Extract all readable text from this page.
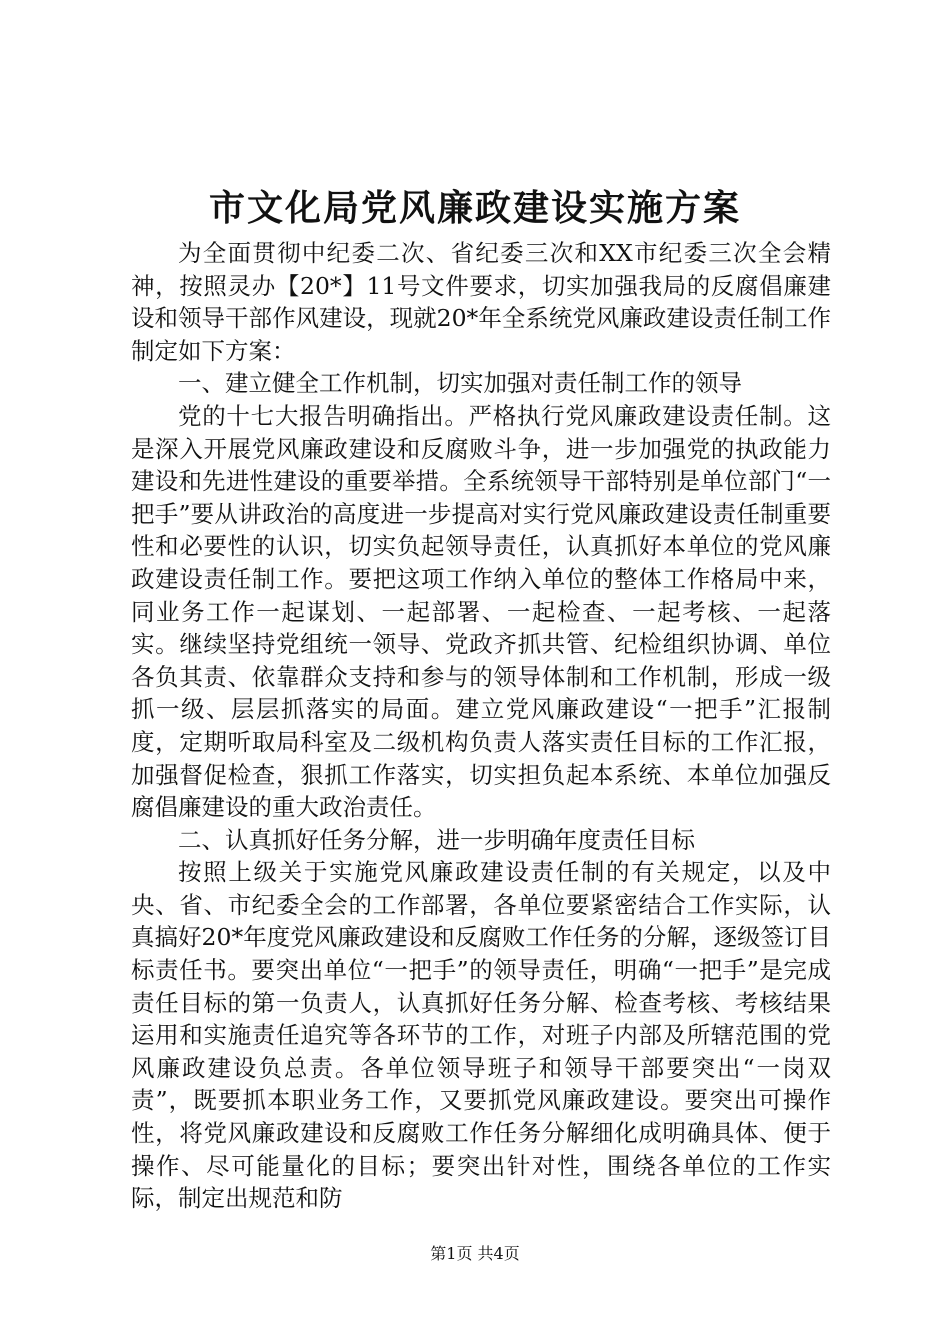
市文化局党风廉政建设实施方案

为全面贯彻中纪委二次、省纪委三次和XX市纪委三次全会精神，按照灵办【20*】11号文件要求，切实加强我局的反腐倡廉建设和领导干部作风建设，现就20*年全系统党风廉政建设责任制工作制定如下方案：

一、建立健全工作机制，切实加强对责任制工作的领导

党的十七大报告明确指出。严格执行党风廉政建设责任制。这是深入开展党风廉政建设和反腐败斗争，进一步加强党的执政能力建设和先进性建设的重要举措。全系统领导干部特别是单位部门“一把手”要从讲政治的高度进一步提高对实行党风廉政建设责任制重要性和必要性的认识，切实负起领导责任，认真抓好本单位的党风廉政建设责任制工作。要把这项工作纳入单位的整体工作格局中来，同业务工作一起谋划、一起部署、一起检查、一起考核、一起落实。继续坚持党组统一领导、党政齐抓共管、纪检组织协调、单位各负其责、依靠群众支持和参与的领导体制和工作机制，形成一级抓一级、层层抓落实的局面。建立党风廉政建设“一把手”汇报制度，定期听取局科室及二级机构负责人落实责任目标的工作汇报，加强督促检查，狠抓工作落实，切实担负起本系统、本单位加强反腐倡廉建设的重大政治责任。

二、认真抓好任务分解，进一步明确年度责任目标

按照上级关于实施党风廉政建设责任制的有关规定，以及中央、省、市纪委全会的工作部署，各单位要紧密结合工作实际，认真搞好20*年度党风廉政建设和反腐败工作任务的分解，逐级签订目标责任书。要突出单位“一把手”的领导责任，明确“一把手”是完成责任目标的第一负责人，认真抓好任务分解、检查考核、考核结果运用和实施责任追究等各环节的工作，对班子内部及所辖范围的党风廉政建设负总责。各单位领导班子和领导干部要突出“一岗双责”，既要抓本职业务工作，又要抓党风廉政建设。要突出可操作性，将党风廉政建设和反腐败工作任务分解细化成明确具体、便于操作、尽可能量化的目标；要突出针对性，围绕各单位的工作实际，制定出规范和防

第1页 共4页
